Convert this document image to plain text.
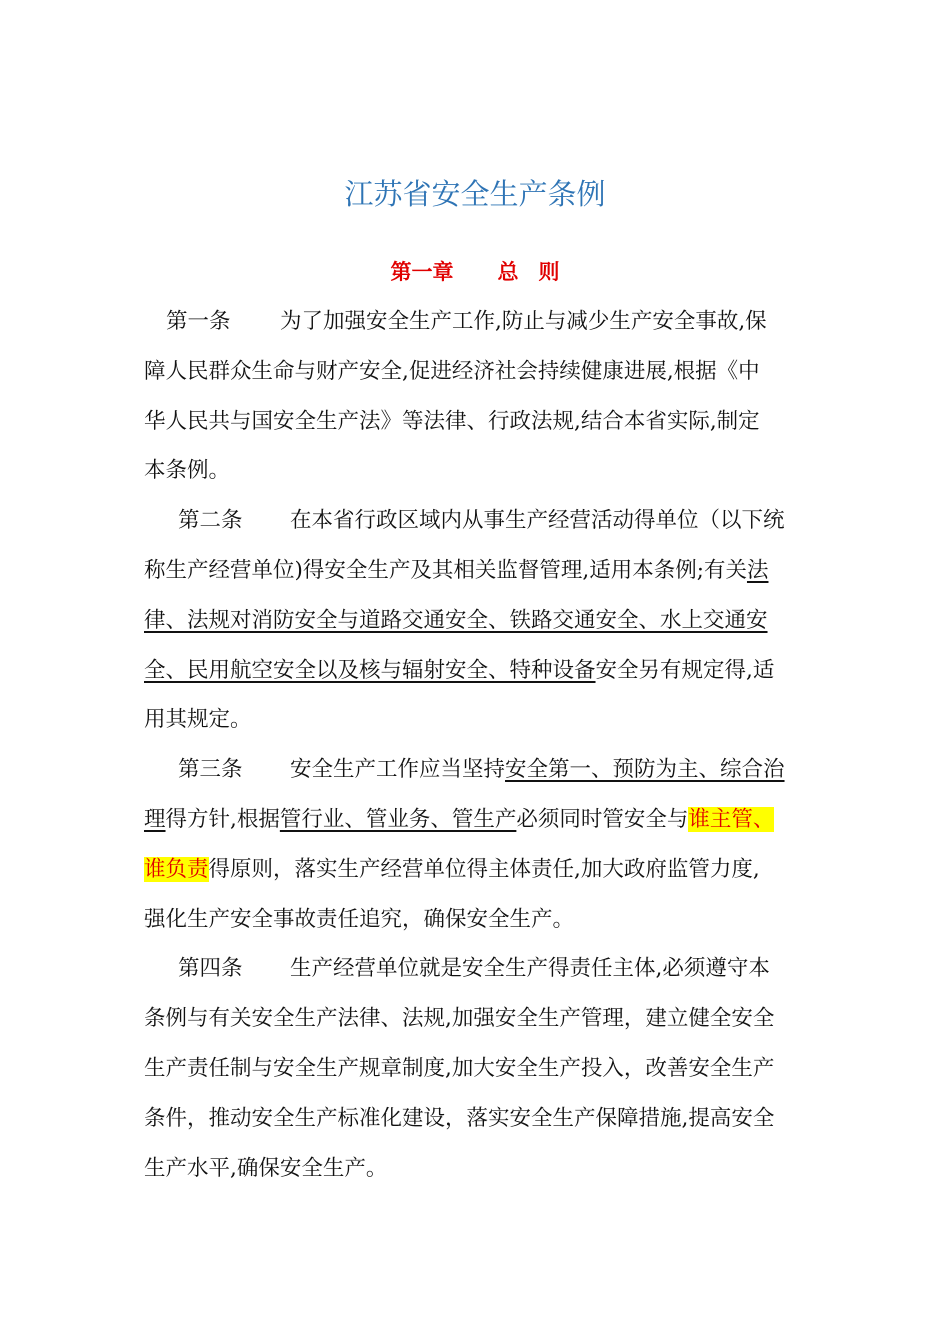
江苏省安全生产条例
第一章 总 则
第一条 为了加强安全生产工作,防止与减少生产安全事故,保
障人民群众生命与财产安全,促进经济社会持续健康进展,根据《中
华人民共与国安全生产法》等法律、行政法规,结合本省实际,制定
本条例。
第二条 在本省行政区域内从事生产经营活动得单位（以下统
称生产经营单位)得安全生产及其相关监督管理,适用本条例;有关法
律、法规对消防安全与道路交通安全、铁路交通安全、水上交通安
全、民用航空安全以及核与辐射安全、特种设备安全另有规定得,适
用其规定。
第三条 安全生产工作应当坚持安全第一、预防为主、综合治
理得方针,根据管行业、管业务、管生产必须同时管安全与谁主管、
谁负责得原则，落实生产经营单位得主体责任,加大政府监管力度,
强化生产安全事故责任追究，确保安全生产。
第四条 生产经营单位就是安全生产得责任主体,必须遵守本
条例与有关安全生产法律、法规,加强安全生产管理，建立健全安全
生产责任制与安全生产规章制度,加大安全生产投入，改善安全生产
条件，推动安全生产标准化建设，落实安全生产保障措施,提高安全
生产水平,确保安全生产。
